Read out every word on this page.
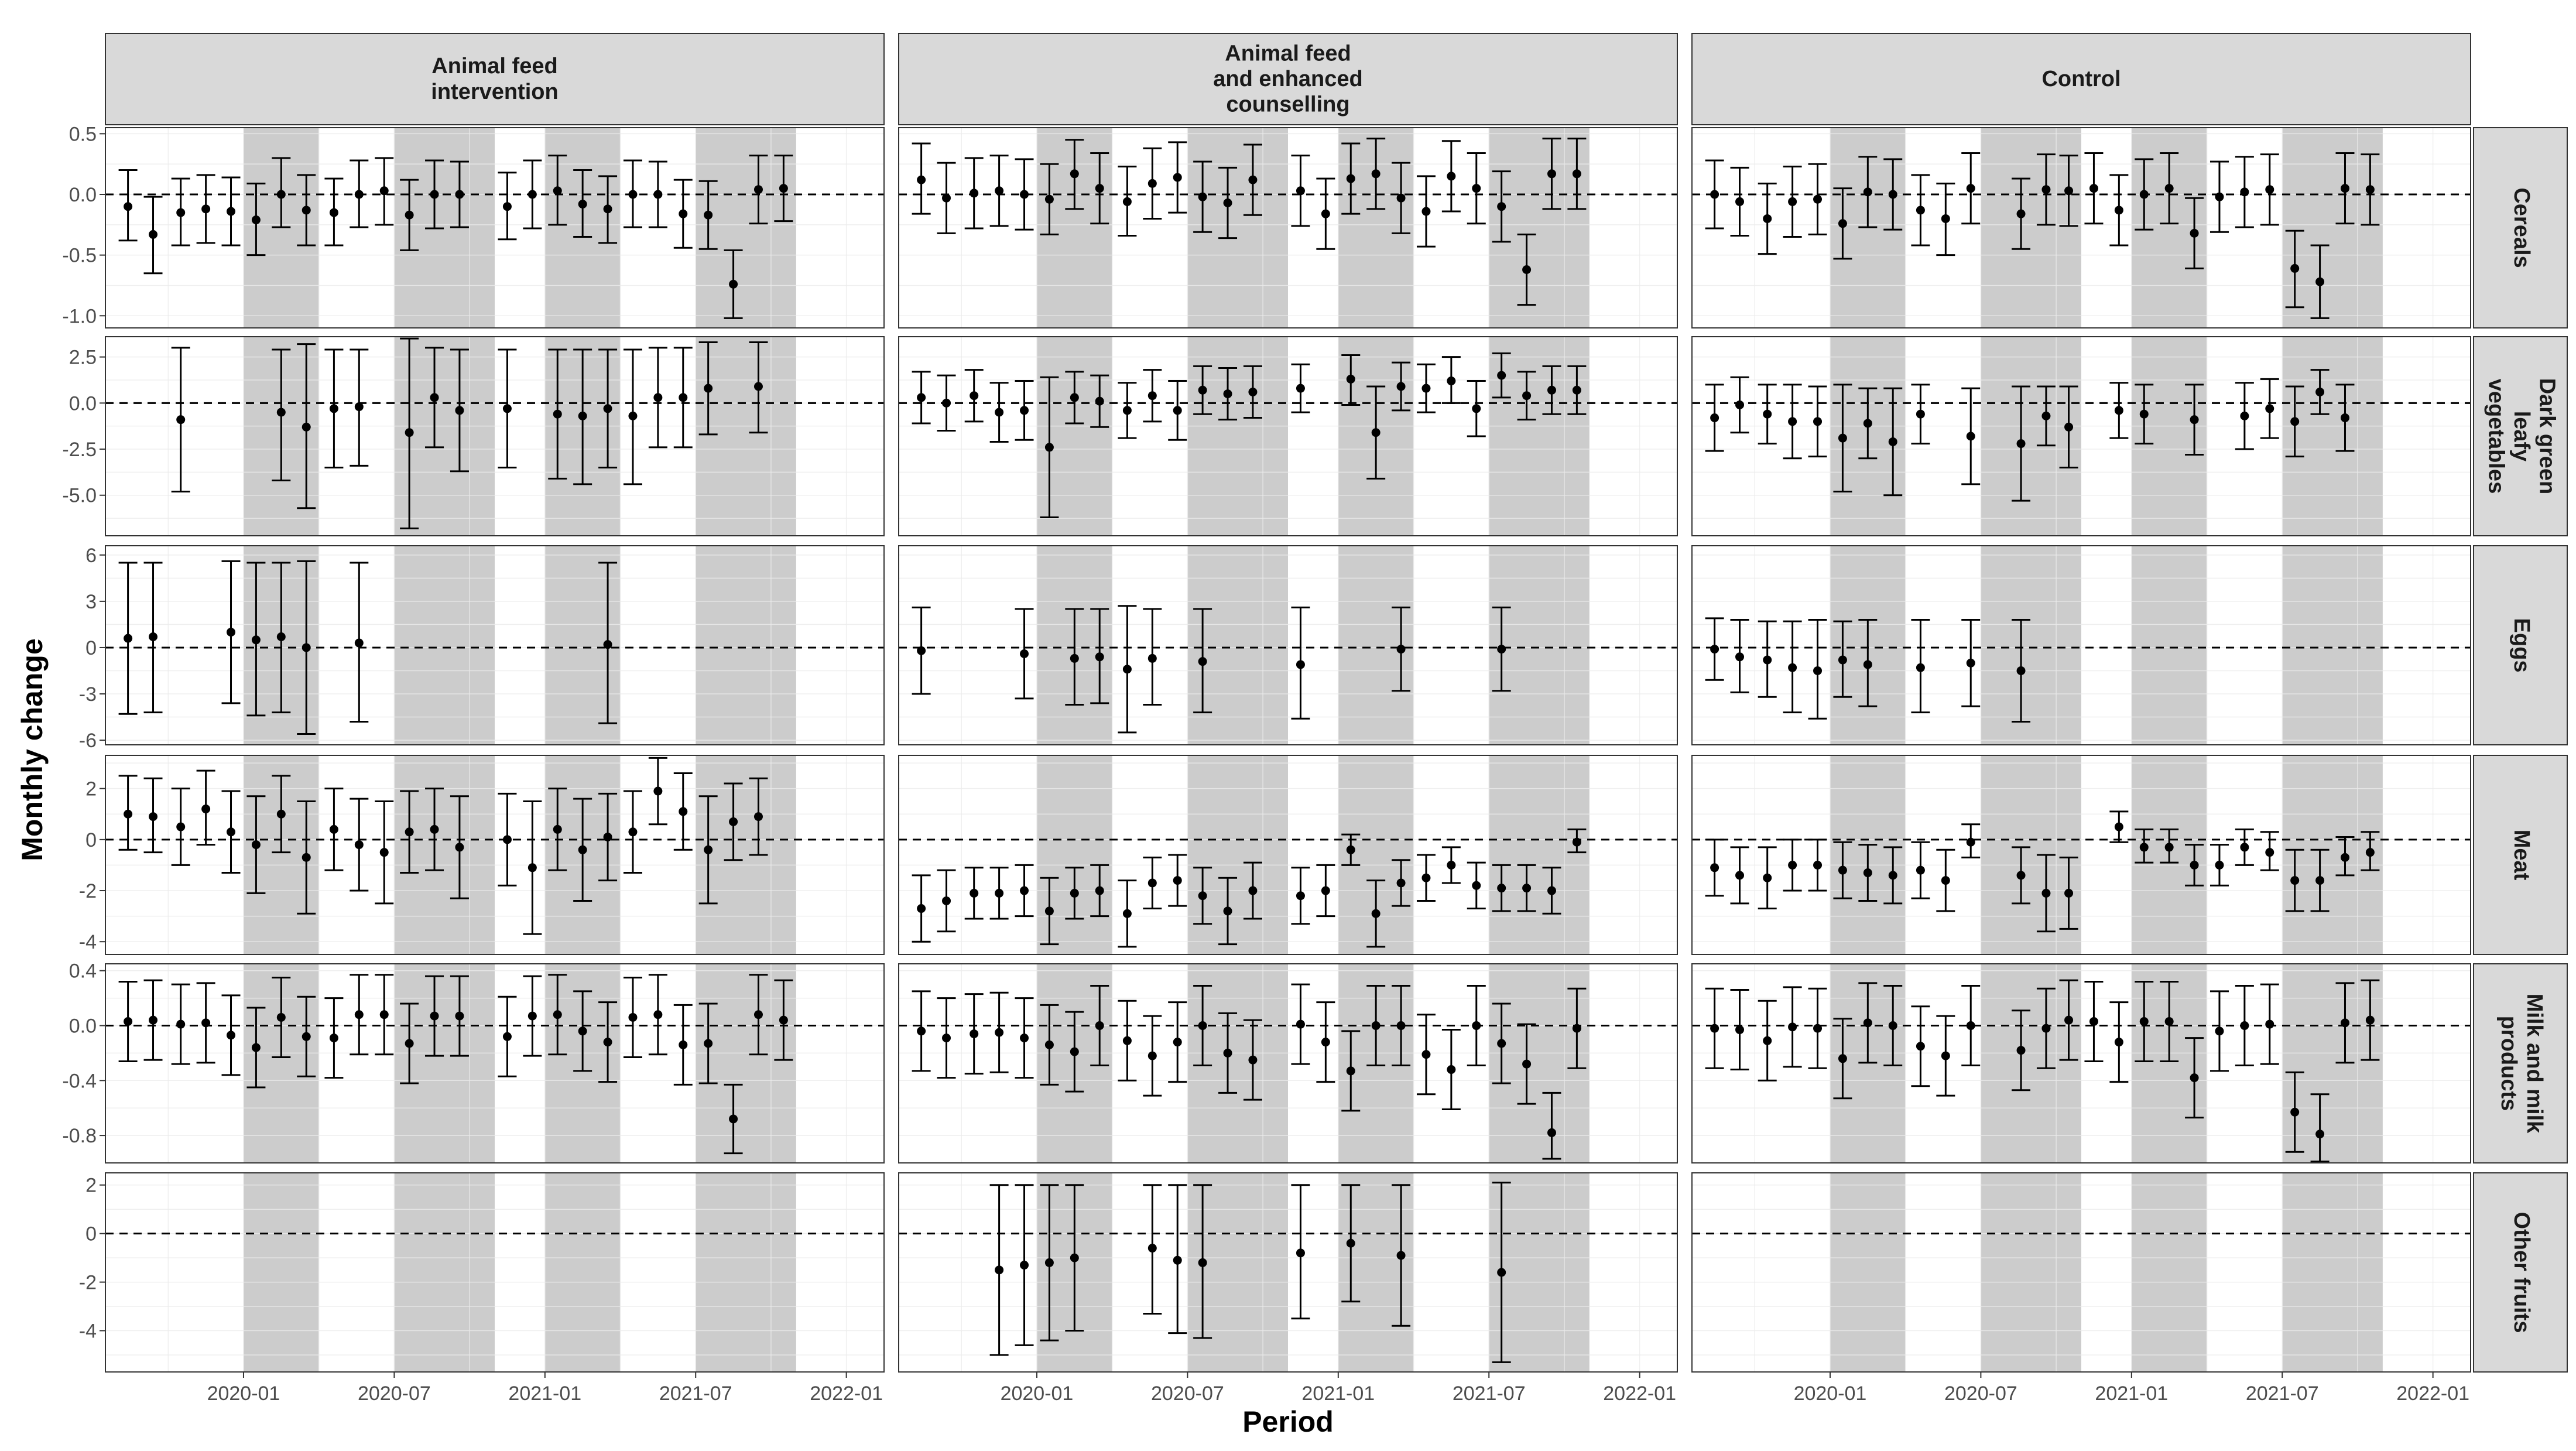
Animal feed intervention
Animal feed and enhanced counselling
Control
Cereals
0.5
0.0
-0.5
-1.0
Dark greenleafyvegetables
2.5
0.0
-2.5
-5.0
Eggs
6
3
0
-3
-6
Meat
2
0
-2
-4
Milk and milkproducts
0.4
0.0
-0.4
-0.8
Other fruits
2
0
-2
-4
2020-01	2020-07	2021-01	2021-07	2022-01	2020-01	2020-07	2021-01	2021-07	2022-01	2020-01	2020-07	2021-01	2021-07	2022-01
Period
Monthly change
